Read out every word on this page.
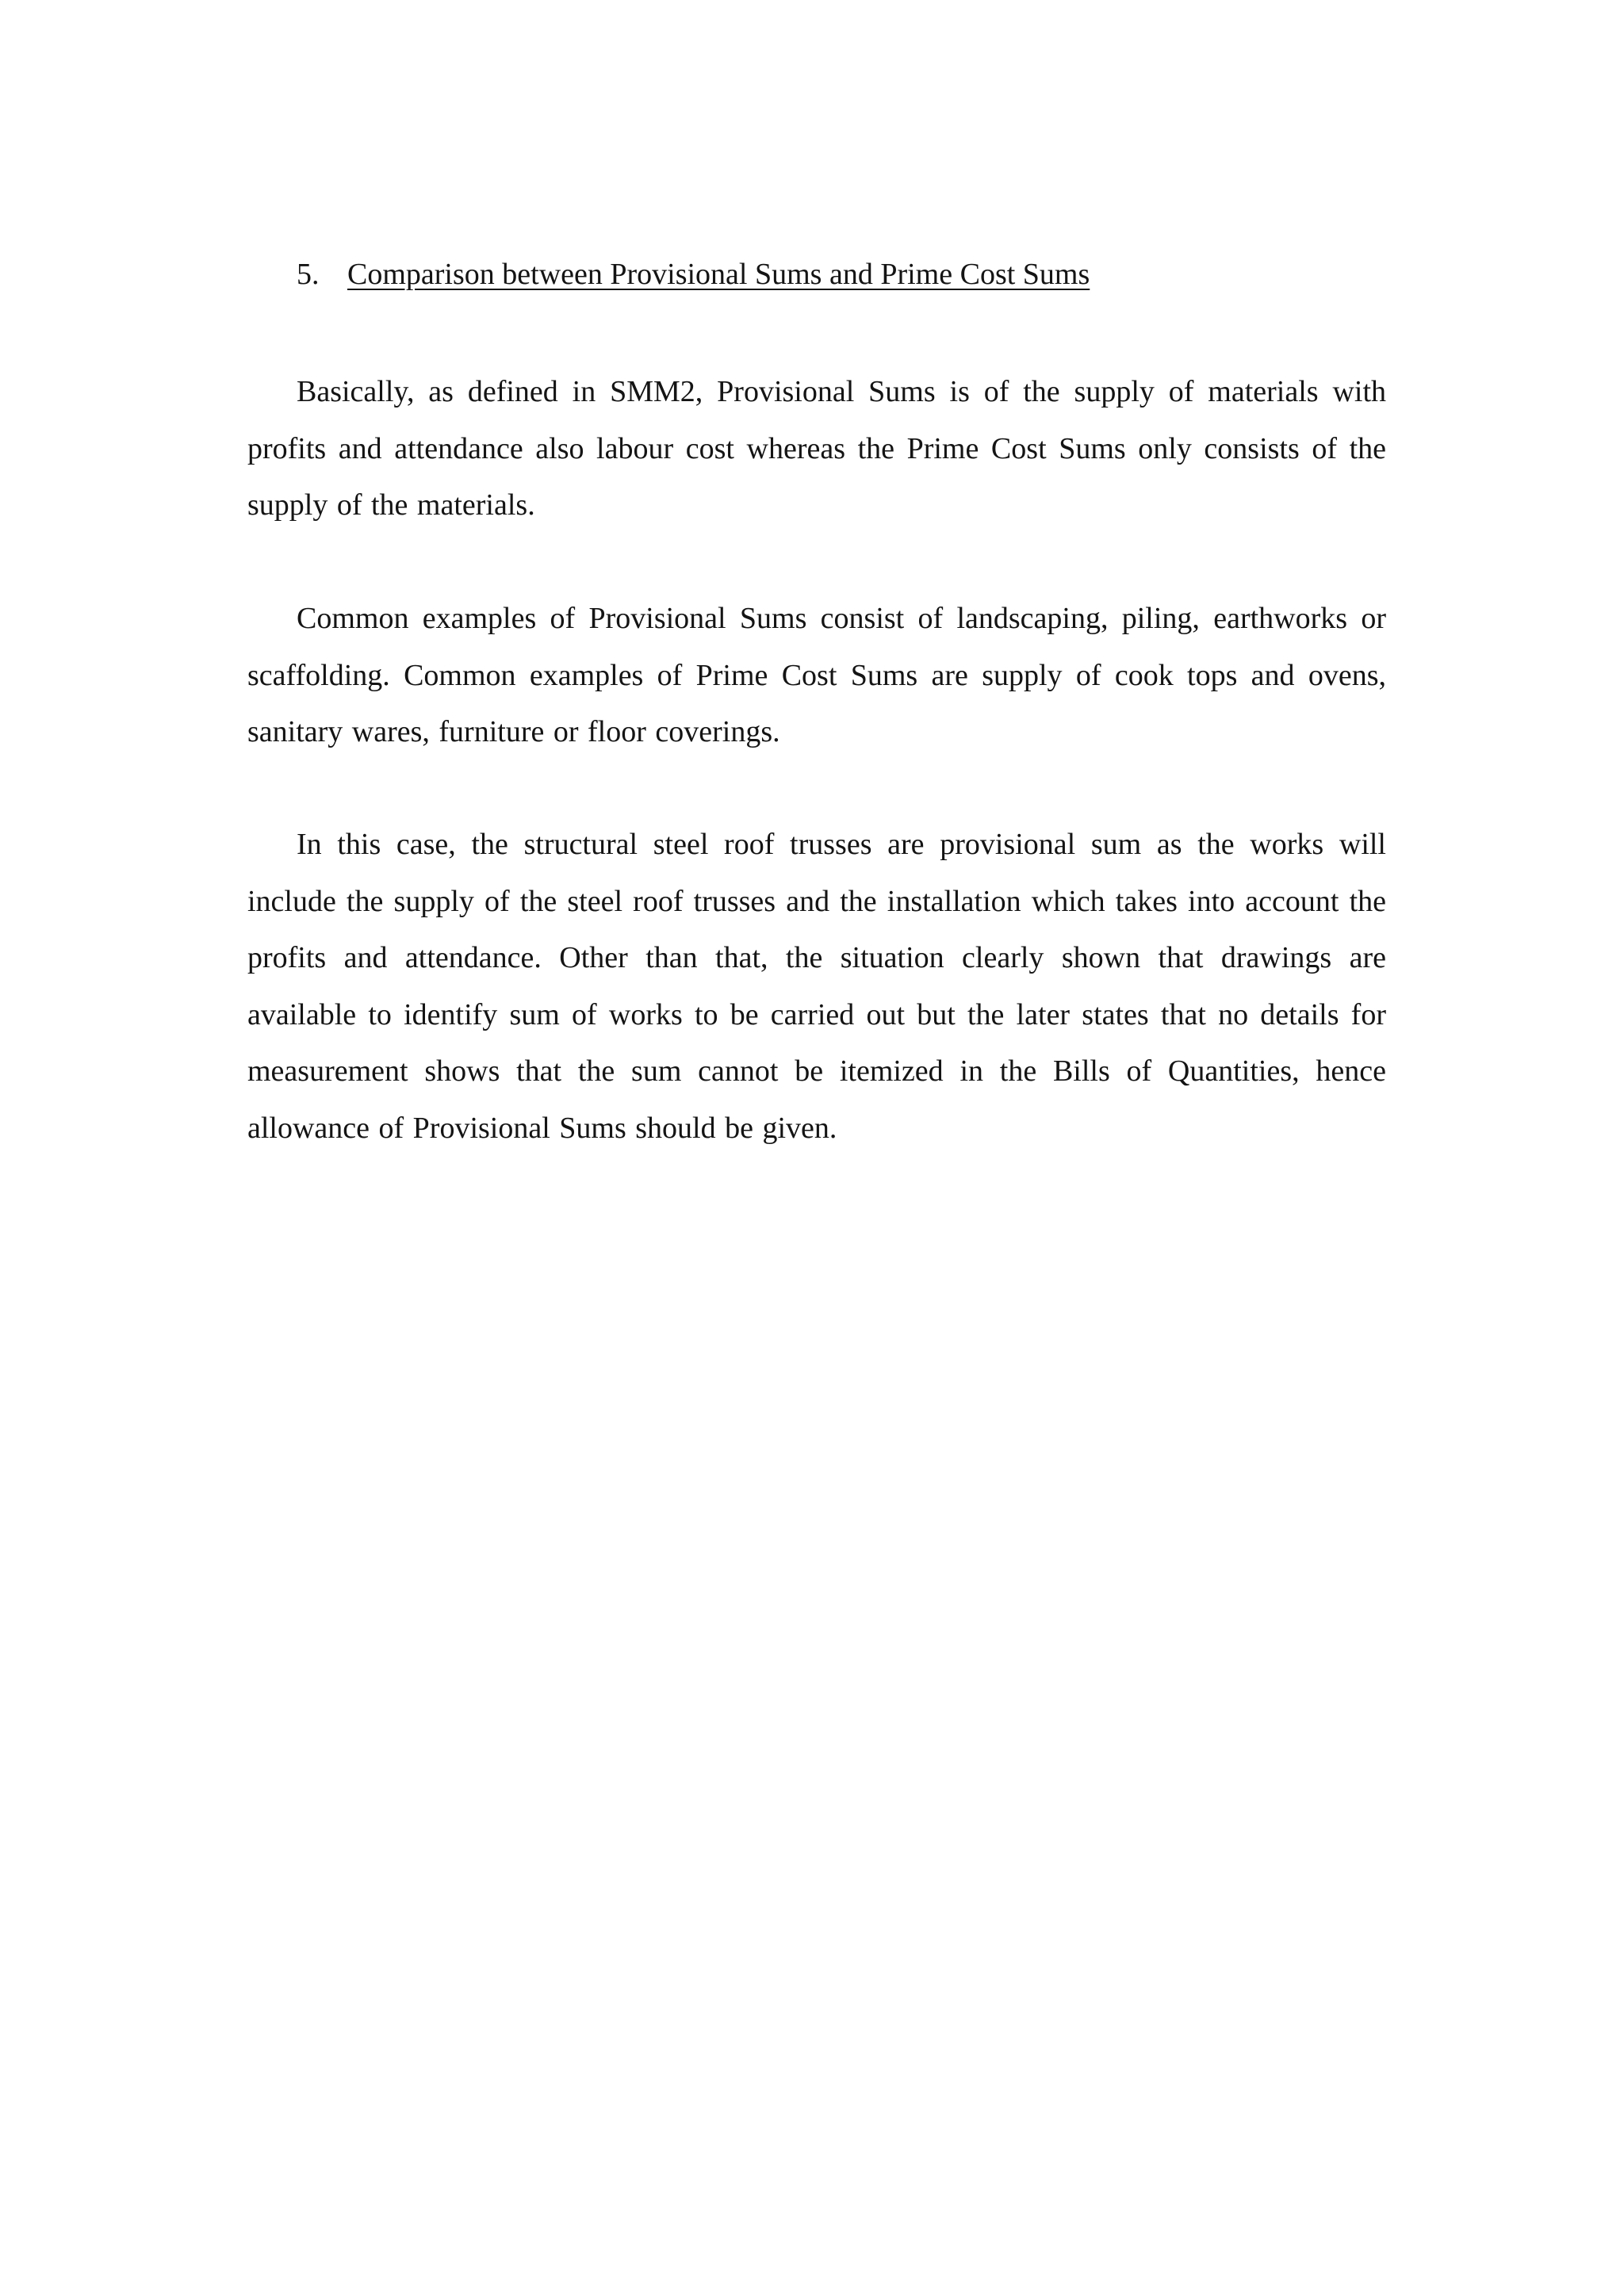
5. Comparison between Provisional Sums and Prime Cost Sums

Basically, as defined in SMM2, Provisional Sums is of the supply of materials with profits and attendance also labour cost whereas the Prime Cost Sums only consists of the supply of the materials.

Common examples of Provisional Sums consist of landscaping, piling, earthworks or scaffolding. Common examples of Prime Cost Sums are supply of cook tops and ovens, sanitary wares, furniture or floor coverings.

In this case, the structural steel roof trusses are provisional sum as the works will include the supply of the steel roof trusses and the installation which takes into account the profits and attendance. Other than that, the situation clearly shown that drawings are available to identify sum of works to be carried out but the later states that no details for measurement shows that the sum cannot be itemized in the Bills of Quantities, hence allowance of Provisional Sums should be given.
